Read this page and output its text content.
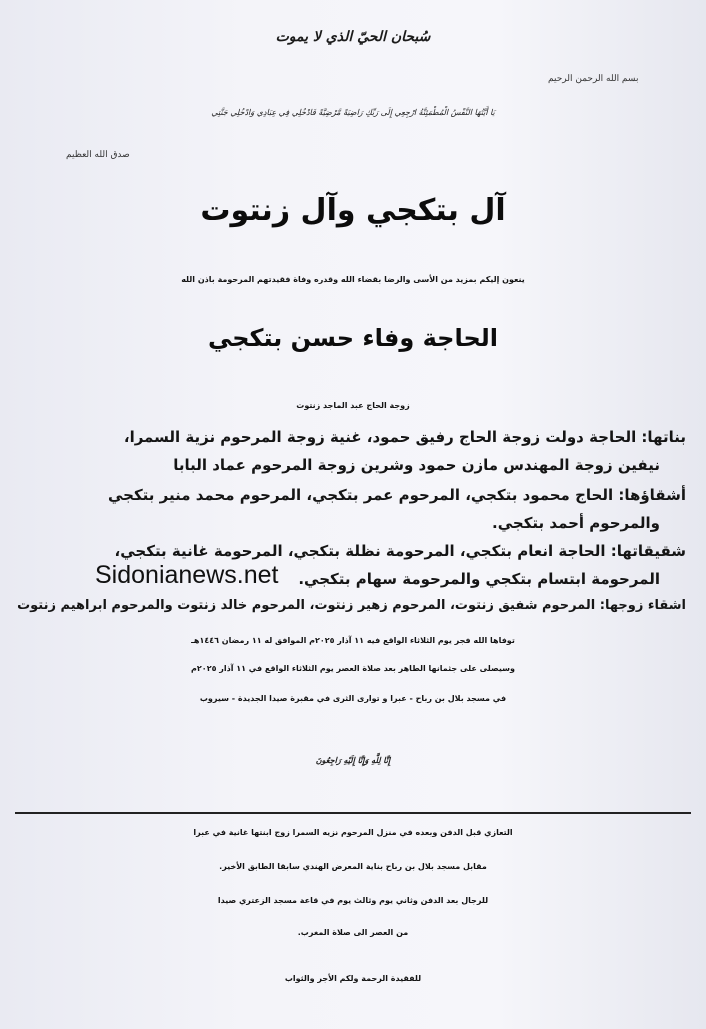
سُبحان الحيّ الذي لا يموت
بسم الله الرحمن الرحيم
يَا أَيَّتُهَا النَّفْسُ الْمُطْمَئِنَّةُ ارْجِعِي إِلَى رَبِّكِ رَاضِيَةً مَّرْضِيَّةً فَادْخُلِي فِي عِبَادِي وَادْخُلِي جَنَّتِي
صدق الله العظيم
آل بتكجي وآل زنتوت
ينعون إليكم بمزيد من الأسى والرضا بقضاء الله وقدره وفاة فقيدتهم المرحومة باذن الله
الحاجة وفاء حسن بتكجي
زوجة الحاج عبد الماجد زنتوت
بناتها: الحاجة دولت زوجة الحاج رفيق حمود، غنية زوجة المرحوم نزية السمرا،
نيفين زوجة المهندس مازن حمود وشرين زوجة المرحوم عماد البابا
أشقاؤها: الحاج محمود بتكجي، المرحوم عمر بتكجي، المرحوم محمد منير بتكجي
والمرحوم أحمد بتكجي.
شقيقاتها: الحاجة انعام بتكجي، المرحومة نظلة بتكجي، المرحومة غانية بتكجي،
المرحومة ابتسام بتكجي والمرحومة سهام بتكجي.
اشقاء زوجها: المرحوم شفيق زنتوت، المرحوم زهير زنتوت، المرحوم خالد زنتوت والمرحوم ابراهيم زنتوت
Sidonianews.net
توفاها الله فجر يوم الثلاثاء الواقع فيه ١١ آذار ٢٠٢٥م الموافق له ١١ رمضان ١٤٤٦هـ
وسيصلى على جثمانها الطاهر بعد صلاة العصر يوم الثلاثاء الواقع في ١١ آذار ٢٠٢٥م
في مسجد بلال بن رباح - عبرا و توارى الثرى في مقبرة صيدا الجديدة - سيروب
إِنَّا لِلَّهِ وَإِنَّا إِلَيْهِ رَاجِعُونَ
التعازي قبل الدفن وبعده في منزل المرحوم نزيه السمرا زوج ابنتها غانية في عبرا
مقابل مسجد بلال بن رباح بناية المعرض الهندي سابقا الطابق الأخير.
للرجال بعد الدفن وثاني يوم وثالث يوم في قاعة مسجد الزعتري صيدا
من العصر الى صلاة المغرب.
للفقيدة الرحمة ولكم الأجر والثواب
